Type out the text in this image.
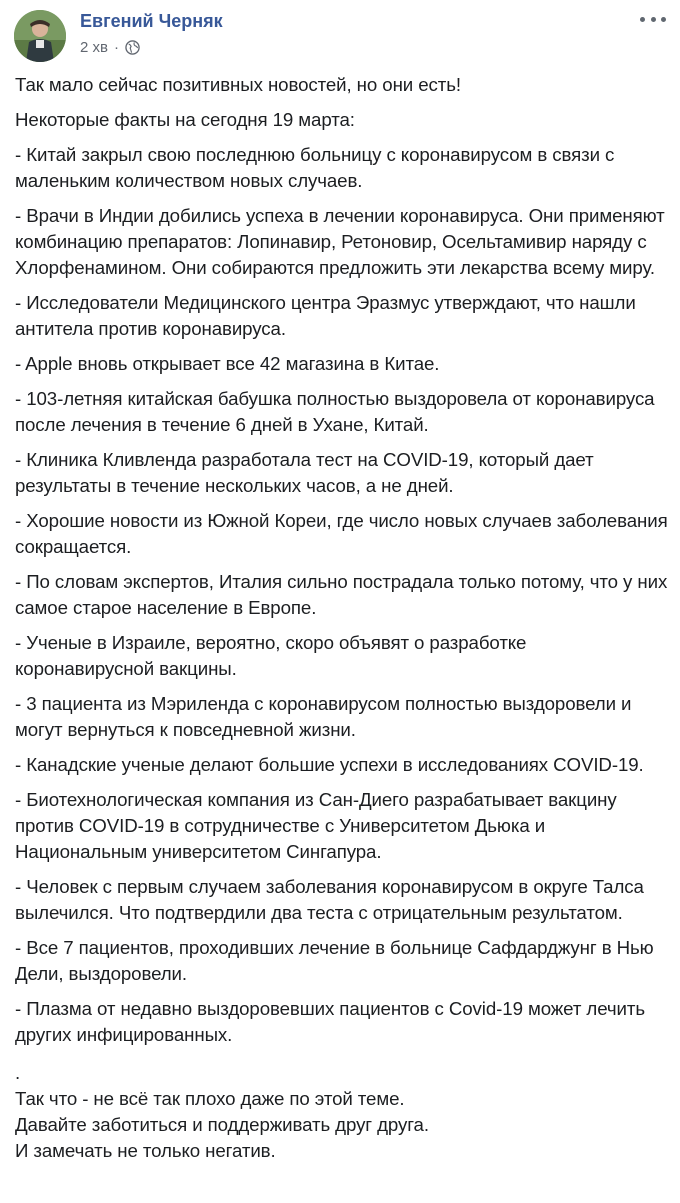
Евгений Черняк
2 хв ·

Так мало сейчас позитивных новостей, но они есть!

Некоторые факты на сегодня 19 марта:

- Китай закрыл свою последнюю больницу с коронавирусом в связи с маленьким количеством новых случаев.

- Врачи в Индии добились успеха в лечении коронавируса. Они применяют комбинацию препаратов: Лопинавир, Ретоновир, Осельтамивир наряду с Хлорфенамином. Они собираются предложить эти лекарства всему миру.

- Исследователи Медицинского центра Эразмус утверждают, что нашли антитела против коронавируса.

- Apple вновь открывает все 42 магазина в Китае.

- 103-летняя китайская бабушка полностью выздоровела от коронавируса после лечения в течение 6 дней в Ухане, Китай.

- Клиника Кливленда разработала тест на COVID-19, который дает результаты в течение нескольких часов, а не дней.

- Хорошие новости из Южной Кореи, где число новых случаев заболевания сокращается.

- По словам экспертов, Италия сильно пострадала только потому, что у них самое старое население в Европе.

- Ученые в Израиле, вероятно, скоро объявят о разработке коронавирусной вакцины.

- 3 пациента из Мэриленда с коронавирусом полностью выздоровели и могут вернуться к повседневной жизни.

- Канадские ученые делают большие успехи в исследованиях COVID-19.

- Биотехнологическая компания из Сан-Диего разрабатывает вакцину против COVID-19 в сотрудничестве с Университетом Дьюка и Национальным университетом Сингапура.

- Человек с первым случаем заболевания коронавирусом в округе Талса вылечился. Что подтвердили два теста с отрицательным результатом.

- Все 7 пациентов, проходивших лечение в больнице Сафдарджунг в Нью Дели, выздоровели.

- Плазма от недавно выздоровевших пациентов с Covid-19 может лечить других инфицированных.

.
Так что - не всё так плохо даже по этой теме.
Давайте заботиться и поддерживать друг друга.
И замечать не только негатив.
